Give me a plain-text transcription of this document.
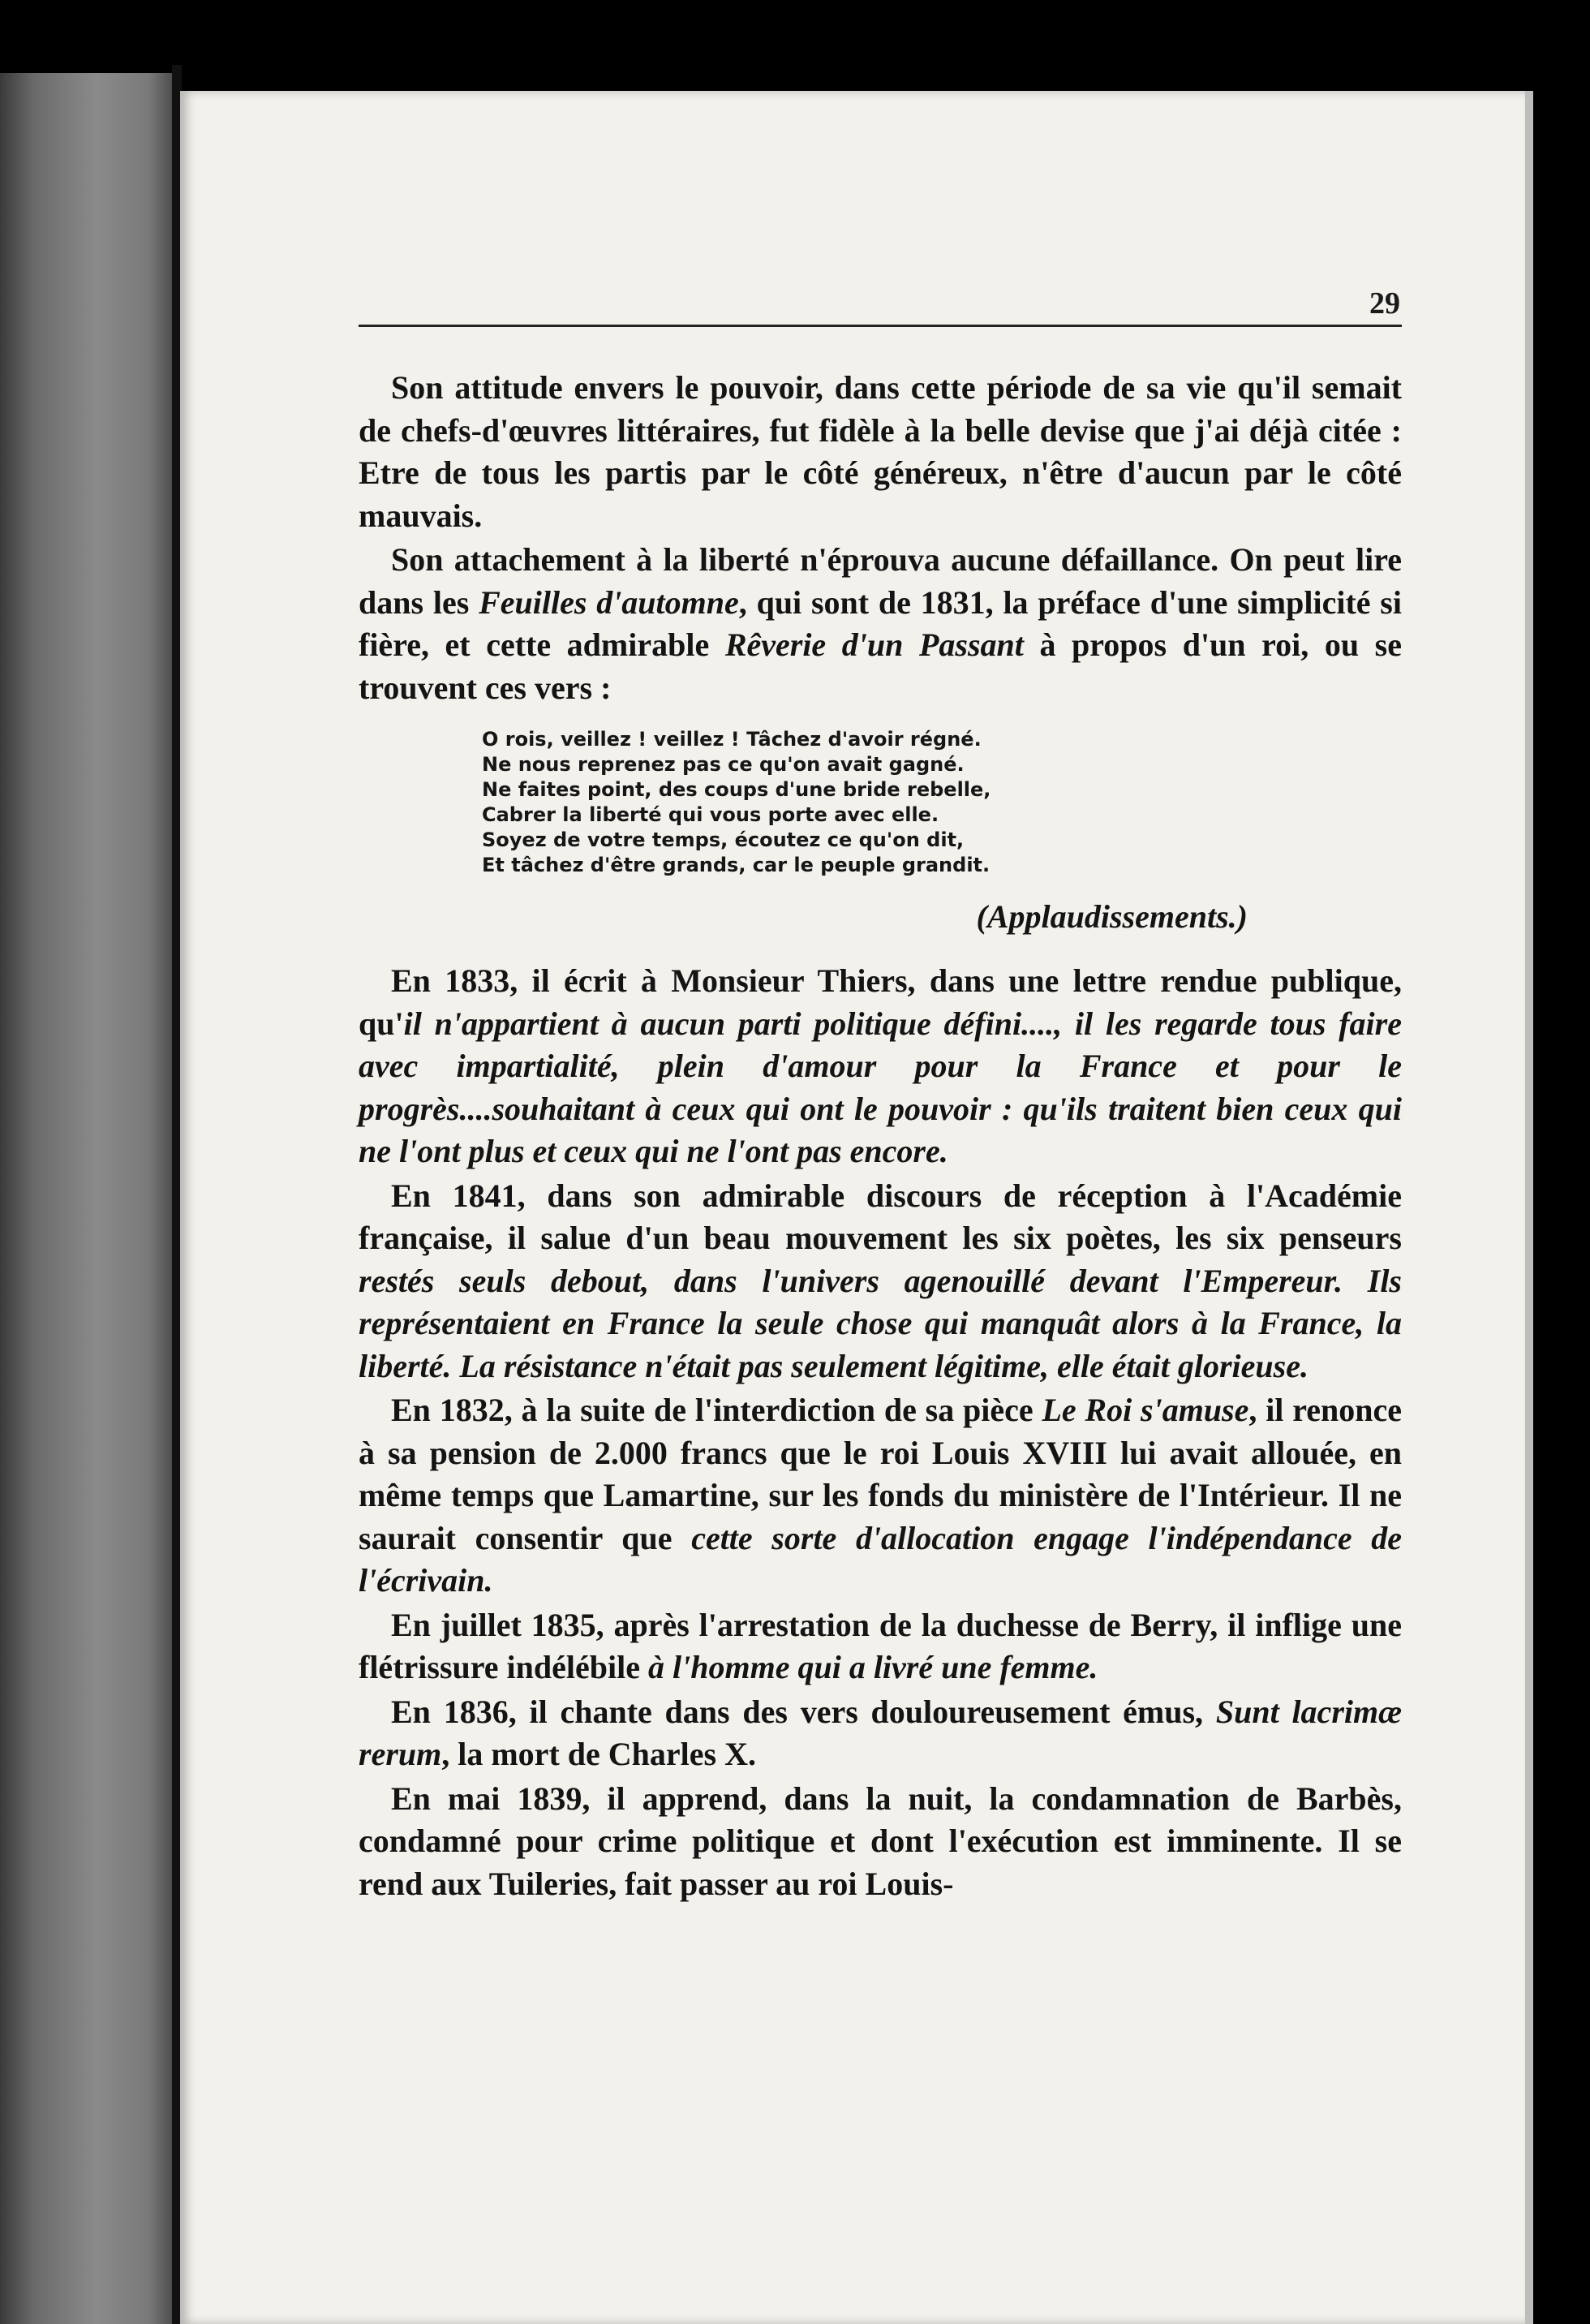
29

Son attitude envers le pouvoir, dans cette période de sa vie qu'il semait de chefs-d'œuvres littéraires, fut fidèle à la belle devise que j'ai déjà citée : Etre de tous les partis par le côté généreux, n'être d'aucun par le côté mauvais.

Son attachement à la liberté n'éprouva aucune défaillance. On peut lire dans les Feuilles d'automne, qui sont de 1831, la préface d'une simplicité si fière, et cette admirable Rêverie d'un Passant à propos d'un roi, ou se trouvent ces vers :

O rois, veillez ! veillez ! Tâchez d'avoir régné.
Ne nous reprenez pas ce qu'on avait gagné.
Ne faites point, des coups d'une bride rebelle,
Cabrer la liberté qui vous porte avec elle.
Soyez de votre temps, écoutez ce qu'on dit,
Et tâchez d'être grands, car le peuple grandit.
(Applaudissements.)

En 1833, il écrit à Monsieur Thiers, dans une lettre rendue publique, qu'il n'appartient à aucun parti politique défini...., il les regarde tous faire avec impartialité, plein d'amour pour la France et pour le progrès....souhaitant à ceux qui ont le pouvoir : qu'ils traitent bien ceux qui ne l'ont plus et ceux qui ne l'ont pas encore.

En 1841, dans son admirable discours de réception à l'Académie française, il salue d'un beau mouvement les six poètes, les six penseurs restés seuls debout, dans l'univers agenouillé devant l'Empereur. Ils représentaient en France la seule chose qui manquât alors à la France, la liberté. La résistance n'était pas seulement légitime, elle était glorieuse.

En 1832, à la suite de l'interdiction de sa pièce Le Roi s'amuse, il renonce à sa pension de 2.000 francs que le roi Louis XVIII lui avait allouée, en même temps que Lamartine, sur les fonds du ministère de l'Intérieur. Il ne saurait consentir que cette sorte d'allocation engage l'indépendance de l'écrivain.

En juillet 1835, après l'arrestation de la duchesse de Berry, il inflige une flétrissure indélébile à l'homme qui a livré une femme.

En 1836, il chante dans des vers douloureusement émus, Sunt lacrimæ rerum, la mort de Charles X.

En mai 1839, il apprend, dans la nuit, la condamnation de Barbès, condamné pour crime politique et dont l'exécution est imminente. Il se rend aux Tuileries, fait passer au roi Louis-
